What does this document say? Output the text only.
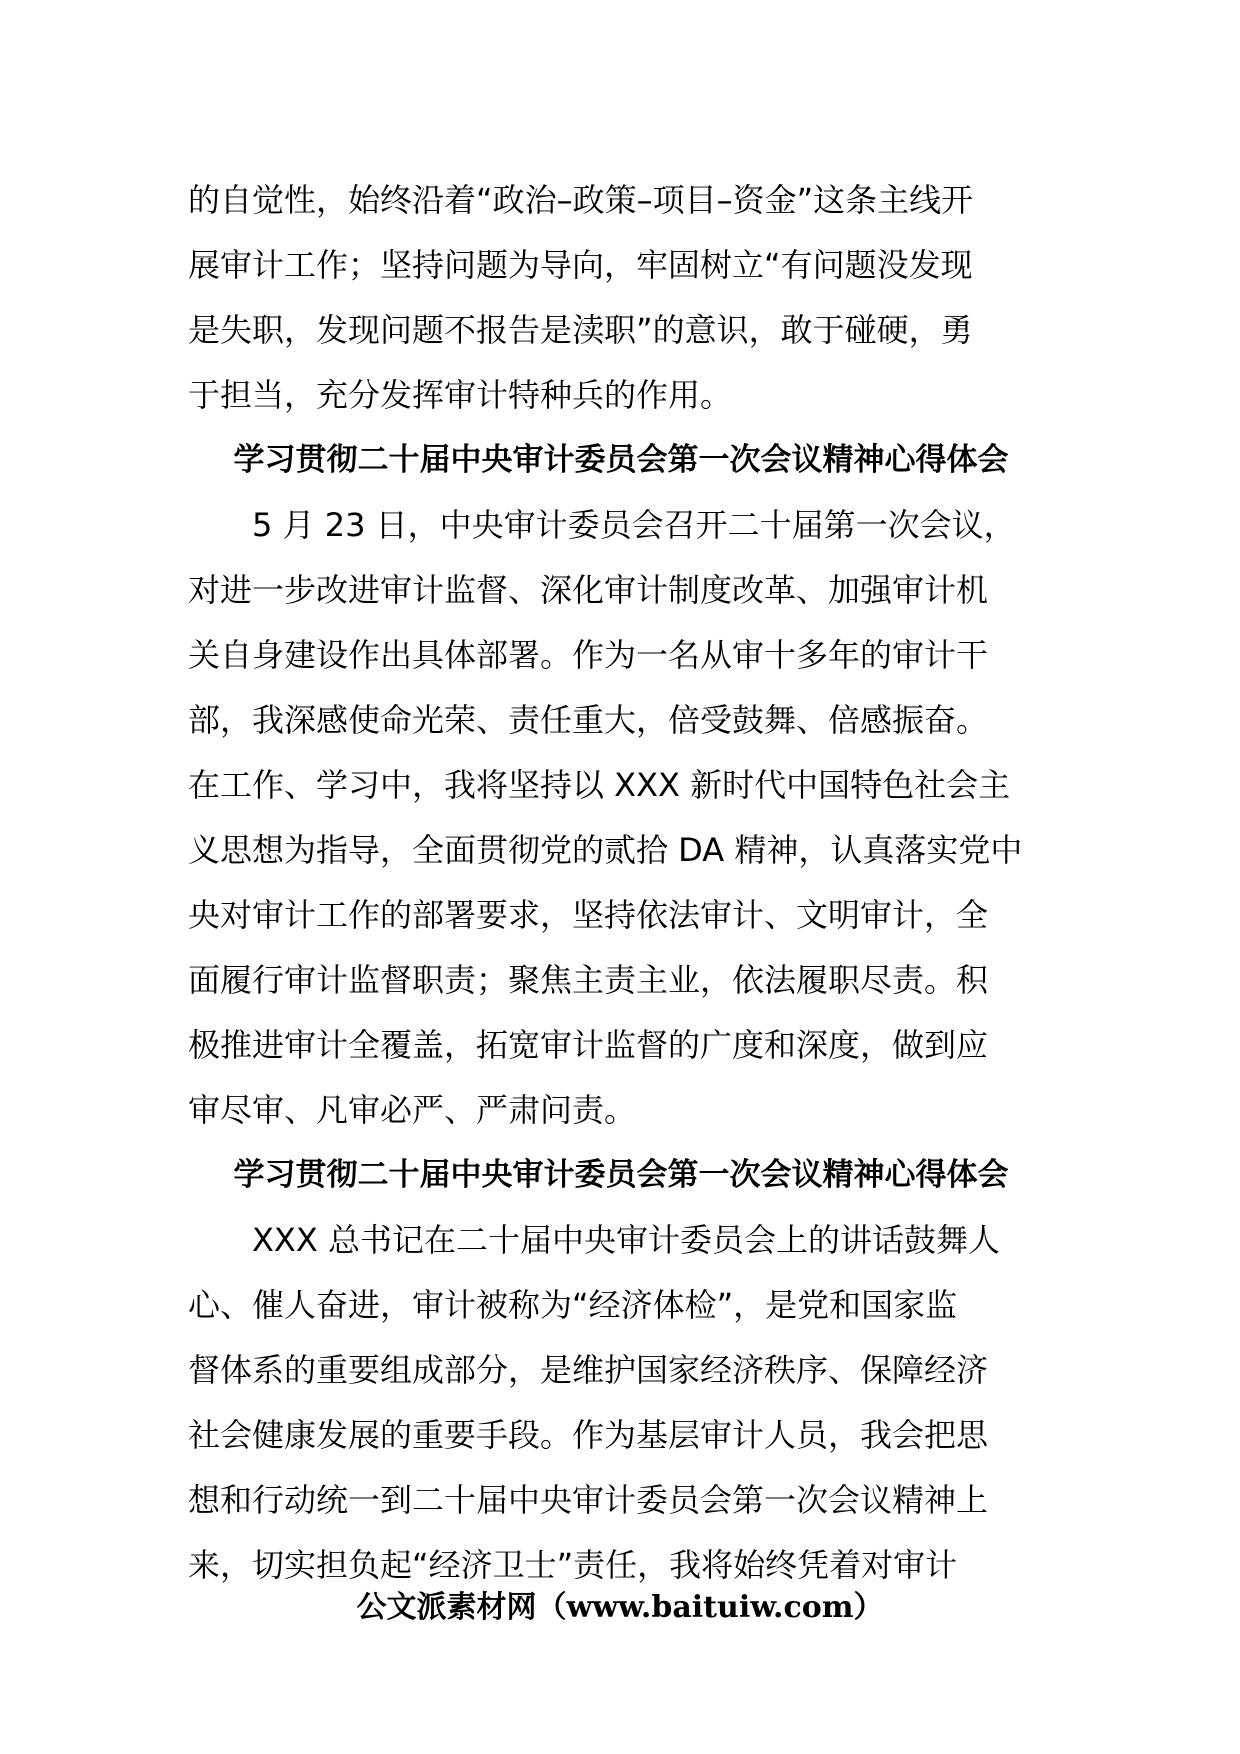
的自觉性，始终沿着“政治–政策–项目–资金”这条主线开
展审计工作；坚持问题为导向，牢固树立“有问题没发现
是失职，发现问题不报告是渎职”的意识，敢于碰硬，勇
于担当，充分发挥审计特种兵的作用。
学习贯彻二十届中央审计委员会第一次会议精神心得体会
5 月 23 日，中央审计委员会召开二十届第一次会议，
对进一步改进审计监督、深化审计制度改革、加强审计机
关自身建设作出具体部署。作为一名从审十多年的审计干
部，我深感使命光荣、责任重大，倍受鼓舞、倍感振奋。
在工作、学习中，我将坚持以 XXX 新时代中国特色社会主
义思想为指导，全面贯彻党的贰拾 DA 精神，认真落实党中
央对审计工作的部署要求，坚持依法审计、文明审计，全
面履行审计监督职责；聚焦主责主业，依法履职尽责。积
极推进审计全覆盖，拓宽审计监督的广度和深度，做到应
审尽审、凡审必严、严肃问责。
学习贯彻二十届中央审计委员会第一次会议精神心得体会
XXX 总书记在二十届中央审计委员会上的讲话鼓舞人
心、催人奋进，审计被称为“经济体检”，是党和国家监
督体系的重要组成部分，是维护国家经济秩序、保障经济
社会健康发展的重要手段。作为基层审计人员，我会把思
想和行动统一到二十届中央审计委员会第一次会议精神上
来，切实担负起“经济卫士”责任，我将始终凭着对审计
公文派素材网（www.baituiw.com）
